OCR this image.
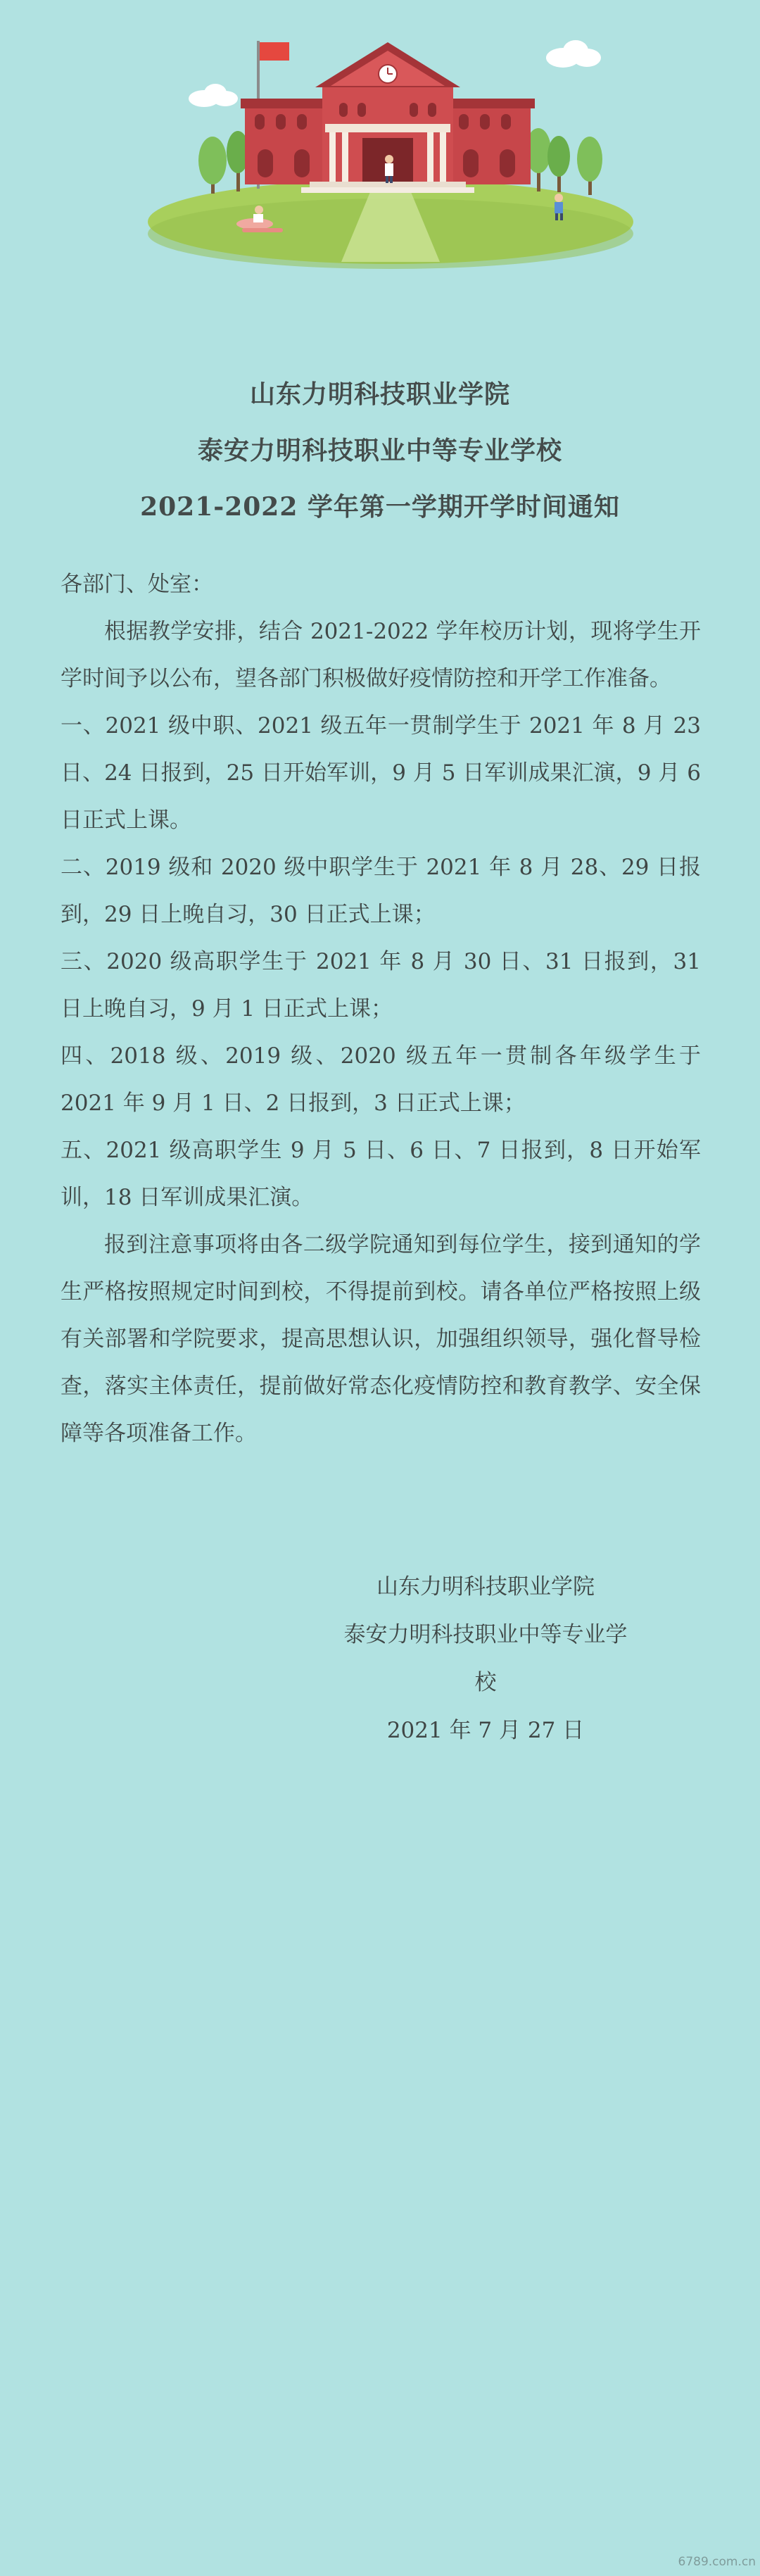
山东力明科技职业学院
泰安力明科技职业中等专业学校
2021-2022 学年第一学期开学时间通知

各部门、处室：

根据教学安排，结合 2021-2022 学年校历计划，现将学生开学时间予以公布，望各部门积极做好疫情防控和开学工作准备。

一、2021 级中职、2021 级五年一贯制学生于 2021 年 8 月 23 日、24 日报到，25 日开始军训，9 月 5 日军训成果汇演，9 月 6 日正式上课。

二、2019 级和 2020 级中职学生于 2021 年 8 月 28、29 日报到，29 日上晚自习，30 日正式上课；

三、2020 级高职学生于 2021 年 8 月 30 日、31 日报到，31 日上晚自习，9 月 1 日正式上课；

四、2018 级、2019 级、2020 级五年一贯制各年级学生于 2021 年 9 月 1 日、2 日报到，3 日正式上课；

五、2021 级高职学生 9 月 5 日、6 日、7 日报到，8 日开始军训，18 日军训成果汇演。

报到注意事项将由各二级学院通知到每位学生，接到通知的学生严格按照规定时间到校，不得提前到校。请各单位严格按照上级有关部署和学院要求，提高思想认识，加强组织领导，强化督导检查，落实主体责任，提前做好常态化疫情防控和教育教学、安全保障等各项准备工作。

山东力明科技职业学院
泰安力明科技职业中等专业学校
2021 年 7 月 27 日
6789.com.cn
